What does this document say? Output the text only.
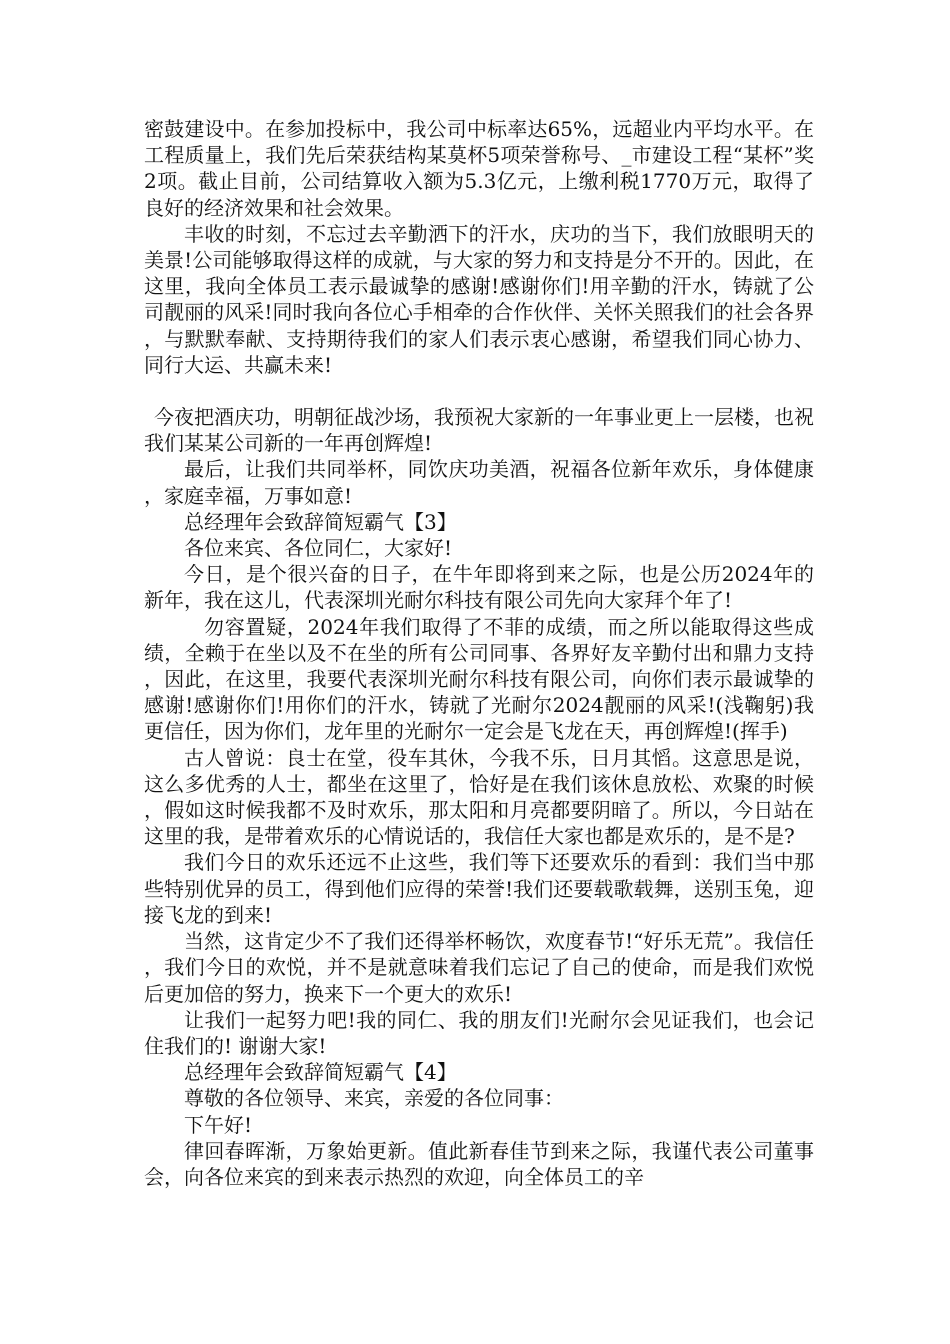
密鼓建设中。在参加投标中，我公司中标率达65%，远超业内平均水平。在工程质量上，我们先后荣获结构某莫杯5项荣誉称号、_市建设工程“某杯”奖2项。截止目前，公司结算收入额为5.3亿元，上缴利税1770万元，取得了良好的经济效果和社会效果。

丰收的时刻，不忘过去辛勤洒下的汗水，庆功的当下，我们放眼明天的美景!公司能够取得这样的成就，与大家的努力和支持是分不开的。因此，在这里，我向全体员工表示最诚挚的感谢!感谢你们!用辛勤的汗水，铸就了公司靓丽的风采!同时我向各位心手相牵的合作伙伴、关怀关照我们的社会各界，与默默奉献、支持期待我们的家人们表示衷心感谢，希望我们同心协力、同行大运、共赢未来!

今夜把酒庆功，明朝征战沙场，我预祝大家新的一年事业更上一层楼，也祝我们某某公司新的一年再创辉煌!

最后，让我们共同举杯，同饮庆功美酒，祝福各位新年欢乐，身体健康，家庭幸福，万事如意!

总经理年会致辞简短霸气【3】

各位来宾、各位同仁，大家好!

今日，是个很兴奋的日子，在牛年即将到来之际，也是公历2024年的新年，我在这儿，代表深圳光耐尔科技有限公司先向大家拜个年了!

勿容置疑，2024年我们取得了不菲的成绩，而之所以能取得这些成绩，全赖于在坐以及不在坐的所有公司同事、各界好友辛勤付出和鼎力支持，因此，在这里，我要代表深圳光耐尔科技有限公司，向你们表示最诚挚的感谢!感谢你们!用你们的汗水，铸就了光耐尔2024靓丽的风采!(浅鞠躬)我更信任，因为你们，龙年里的光耐尔一定会是飞龙在天，再创辉煌!(挥手)

古人曾说：良士在堂，役车其休，今我不乐，日月其慆。这意思是说，这么多优秀的人士，都坐在这里了，恰好是在我们该休息放松、欢聚的时候，假如这时候我都不及时欢乐，那太阳和月亮都要阴暗了。所以，今日站在这里的我，是带着欢乐的心情说话的，我信任大家也都是欢乐的，是不是?

我们今日的欢乐还远不止这些，我们等下还要欢乐的看到：我们当中那些特别优异的员工，得到他们应得的荣誉!我们还要载歌载舞，送别玉兔，迎接飞龙的到来!

当然，这肯定少不了我们还得举杯畅饮，欢度春节!“好乐无荒”。我信任，我们今日的欢悦，并不是就意味着我们忘记了自己的使命，而是我们欢悦后更加倍的努力，换来下一个更大的欢乐!

让我们一起努力吧!我的同仁、我的朋友们!光耐尔会见证我们，也会记住我们的! 谢谢大家!

总经理年会致辞简短霸气【4】

尊敬的各位领导、来宾，亲爱的各位同事：

下午好!

律回春晖渐，万象始更新。值此新春佳节到来之际，我谨代表公司董事会，向各位来宾的到来表示热烈的欢迎，向全体员工的辛
